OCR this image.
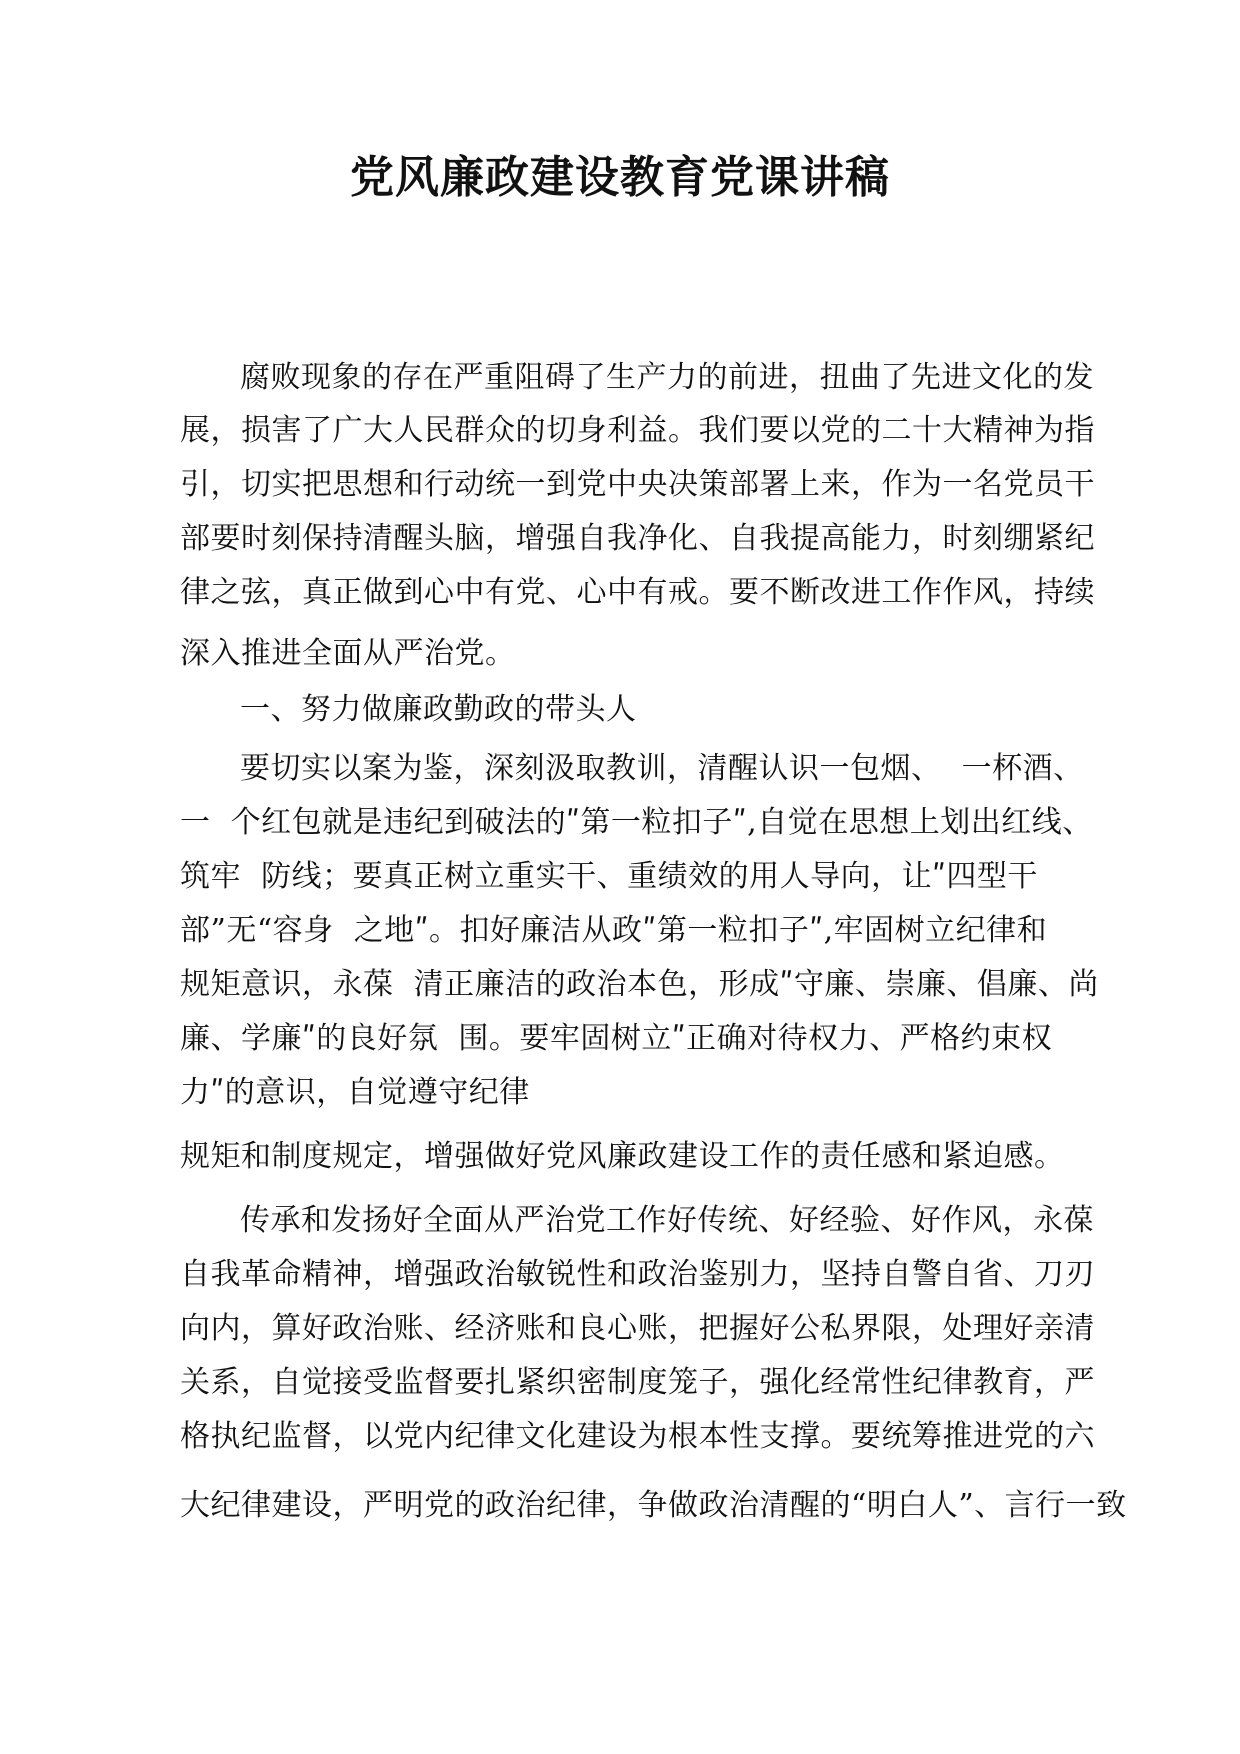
党风廉政建设教育党课讲稿
腐败现象的存在严重阻碍了生产力的前进，扭曲了先进文化的发
展，损害了广大人民群众的切身利益。我们要以党的二十大精神为指
引，切实把思想和行动统一到党中央决策部署上来，作为一名党员干
部要时刻保持清醒头脑，增强自我净化、自我提高能力，时刻绷紧纪
律之弦，真正做到心中有党、心中有戒。要不断改进工作作风，持续
深入推进全面从严治党。
一、努力做廉政勤政的带头人
要切实以案为鉴，深刻汲取教训，清醒认识一包烟、  一杯酒、
一  个红包就是违纪到破法的ʺ第一粒扣子ʺ,自觉在思想上划出红线、
筑牢  防线；要真正树立重实干、重绩效的用人导向，让ʺ四型干
部”无“容身  之地ʺ。扣好廉洁从政ʺ第一粒扣子ʺ,牢固树立纪律和
规矩意识，永葆  清正廉洁的政治本色，形成ʺ守廉、崇廉、倡廉、尚
廉、学廉ʺ的良好氛  围。要牢固树立ʺ正确对待权力、严格约束权
力ʺ的意识，自觉遵守纪律
规矩和制度规定，增强做好党风廉政建设工作的责任感和紧迫感。
传承和发扬好全面从严治党工作好传统、好经验、好作风，永葆
自我革命精神，增强政治敏锐性和政治鉴别力，坚持自警自省、刀刃
向内，算好政治账、经济账和良心账，把握好公私界限，处理好亲清
关系，自觉接受监督要扎紧织密制度笼子，强化经常性纪律教育，严
格执纪监督，以党内纪律文化建设为根本性支撑。要统筹推进党的六
大纪律建设，严明党的政治纪律，争做政治清醒的“明白人”、言行一致
